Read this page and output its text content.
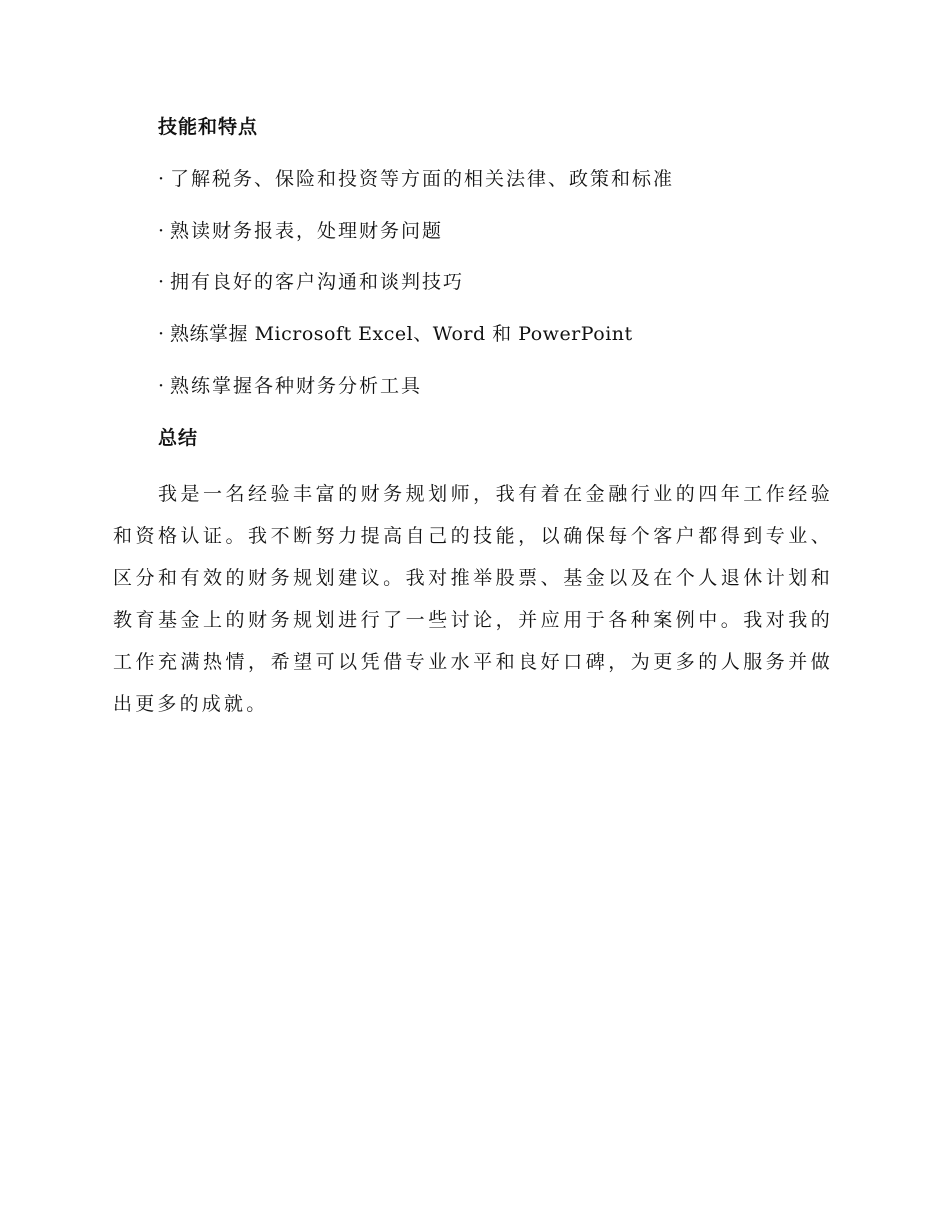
技能和特点
· 了解税务、保险和投资等方面的相关法律、政策和标准
· 熟读财务报表，处理财务问题
· 拥有良好的客户沟通和谈判技巧
· 熟练掌握 Microsoft Excel、Word 和 PowerPoint
· 熟练掌握各种财务分析工具
总结

我是一名经验丰富的财务规划师，我有着在金融行业的四年工作经验和资格认证。我不断努力提高自己的技能，以确保每个客户都得到专业、区分和有效的财务规划建议。我对推举股票、基金以及在个人退休计划和教育基金上的财务规划进行了一些讨论，并应用于各种案例中。我对我的工作充满热情，希望可以凭借专业水平和良好口碑，为更多的人服务并做出更多的成就。
